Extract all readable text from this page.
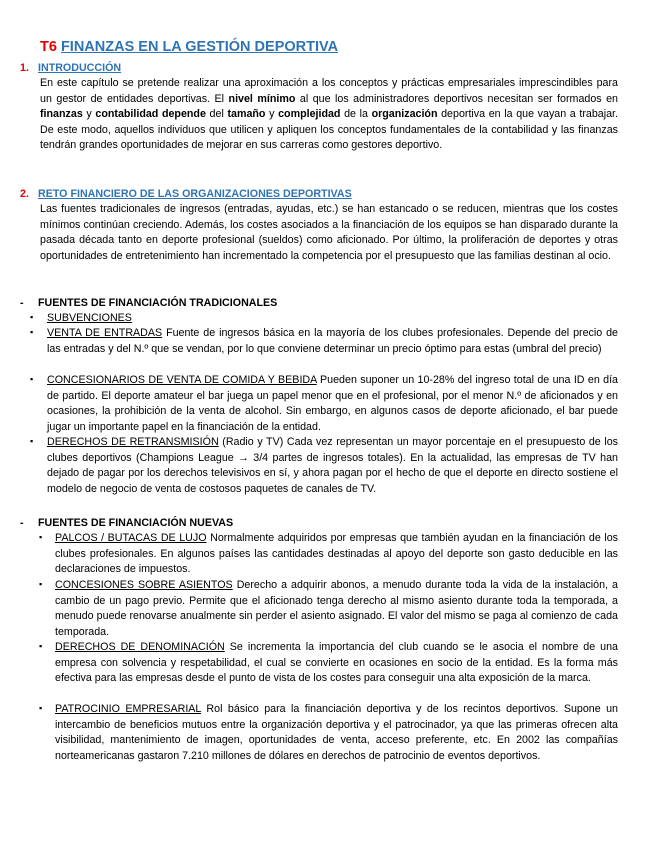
T6 FINANZAS EN LA GESTIÓN DEPORTIVA
1. INTRODUCCIÓN
En este capítulo se pretende realizar una aproximación a los conceptos y prácticas empresariales imprescindibles para un gestor de entidades deportivas. El nivel mínimo al que los administradores deportivos necesitan ser formados en finanzas y contabilidad depende del tamaño y complejidad de la organización deportiva en la que vayan a trabajar. De este modo, aquellos individuos que utilicen y apliquen los conceptos fundamentales de la contabilidad y las finanzas tendrán grandes oportunidades de mejorar en sus carreras como gestores deportivo.
2. RETO FINANCIERO DE LAS ORGANIZACIONES DEPORTIVAS
Las fuentes tradicionales de ingresos (entradas, ayudas, etc.) se han estancado o se reducen, mientras que los costes mínimos continúan creciendo. Además, los costes asociados a la financiación de los equipos se han disparado durante la pasada década tanto en deporte profesional (sueldos) como aficionado. Por último, la proliferación de deportes y otras oportunidades de entretenimiento han incrementado la competencia por el presupuesto que las familias destinan al ocio.
- FUENTES DE FINANCIACIÓN TRADICIONALES
▪ SUBVENCIONES
▪ VENTA DE ENTRADAS Fuente de ingresos básica en la mayoría de los clubes profesionales. Depende del precio de las entradas y del N.º que se vendan, por lo que conviene determinar un precio óptimo para estas (umbral del precio)
▪ CONCESIONARIOS DE VENTA DE COMIDA Y BEBIDA Pueden suponer un 10-28% del ingreso total de una ID en día de partido. El deporte amateur el bar juega un papel menor que en el profesional, por el menor N.º de aficionados y en ocasiones, la prohibición de la venta de alcohol. Sin embargo, en algunos casos de deporte aficionado, el bar puede jugar un importante papel en la financiación de la entidad.
▪ DERECHOS DE RETRANSMISIÓN (Radio y TV) Cada vez representan un mayor porcentaje en el presupuesto de los clubes deportivos (Champions League → 3/4 partes de ingresos totales). En la actualidad, las empresas de TV han dejado de pagar por los derechos televisivos en sí, y ahora pagan por el hecho de que el deporte en directo sostiene el modelo de negocio de venta de costosos paquetes de canales de TV.
- FUENTES DE FINANCIACIÓN NUEVAS
▪ PALCOS / BUTACAS DE LUJO Normalmente adquiridos por empresas que también ayudan en la financiación de los clubes profesionales. En algunos países las cantidades destinadas al apoyo del deporte son gasto deducible en las declaraciones de impuestos.
▪ CONCESIONES SOBRE ASIENTOS Derecho a adquirir abonos, a menudo durante toda la vida de la instalación, a cambio de un pago previo. Permite que el aficionado tenga derecho al mismo asiento durante toda la temporada, a menudo puede renovarse anualmente sin perder el asiento asignado. El valor del mismo se paga al comienzo de cada temporada.
▪ DERECHOS DE DENOMINACIÓN Se incrementa la importancia del club cuando se le asocia el nombre de una empresa con solvencia y respetabilidad, el cual se convierte en ocasiones en socio de la entidad. Es la forma más efectiva para las empresas desde el punto de vista de los costes para conseguir una alta exposición de la marca.
▪ PATROCINIO EMPRESARIAL Rol básico para la financiación deportiva y de los recintos deportivos. Supone un intercambio de beneficios mutuos entre la organización deportiva y el patrocinador, ya que las primeras ofrecen alta visibilidad, mantenimiento de imagen, oportunidades de venta, acceso preferente, etc. En 2002 las compañías norteamericanas gastaron 7.210 millones de dólares en derechos de patrocinio de eventos deportivos.
